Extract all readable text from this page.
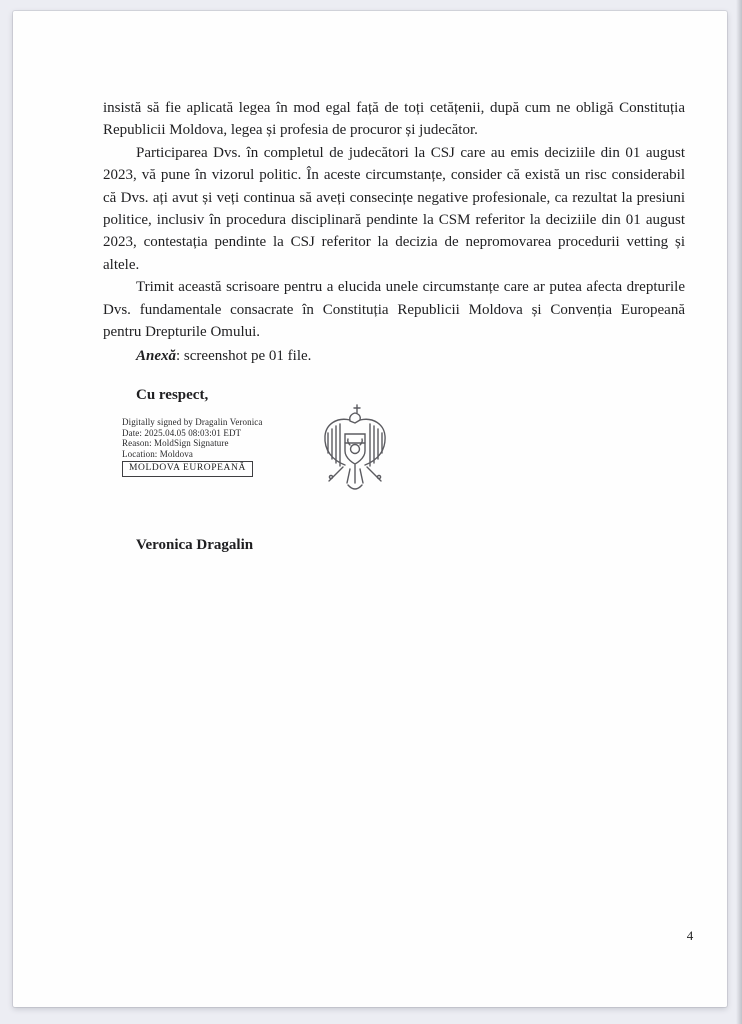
insistă să fie aplicată legea în mod egal față de toți cetățenii, după cum ne obligă Constituția
Republicii Moldova, legea și profesia de procuror și judecător.
Participarea Dvs. în completul de judecători la CSJ care au emis deciziile din 01 august
2023, vă pune în vizorul politic. În aceste circumstanțe, consider că există un risc considerabil
că Dvs. ați avut și veți continua să aveți consecințe negative profesionale, ca rezultat la presiuni
politice, inclusiv în procedura disciplinară pendinte la CSM referitor la deciziile din 01 august
2023, contestația pendinte la CSJ referitor la decizia de nepromovarea procedurii vetting și
altele.
Trimit această scrisoare pentru a elucida unele circumstanțe care ar putea afecta drepturile
Dvs. fundamentale consacrate în Constituția Republicii Moldova și Convenția Europeană
pentru Drepturile Omului.
Anexă: screenshot pe 01 file.
Cu respect,
Digitally signed by Dragalin Veronica
Date: 2025.04.05 08:03:01 EDT
Reason: MoldSign Signature
Location: Moldova
MOLDOVA EUROPEANĂ
Veronica Dragalin
4
